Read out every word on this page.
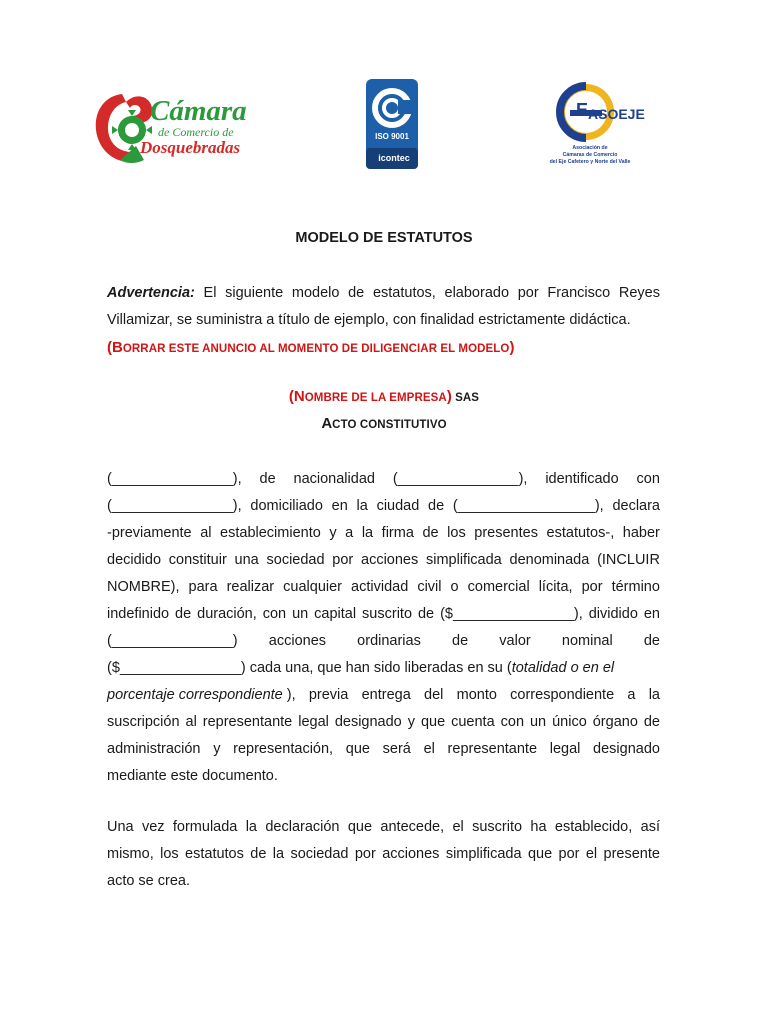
Cámara
de Comercio de
Dosquebradas
ISO 9001
icontec
E ASOEJE
Asociación de
Cámaras de Comercio
del Eje Cafetero y Norte del Valle
MODELO DE ESTATUTOS
Advertencia: El siguiente modelo de estatutos, elaborado por Francisco Reyes Villamizar, se suministra a título de ejemplo, con finalidad estrictamente didáctica.
(BORRAR ESTE ANUNCIO AL MOMENTO DE DILIGENCIAR EL MODELO)
(NOMBRE DE LA EMPRESA) SAS
ACTO CONSTITUTIVO
(_______________), de nacionalidad (_______________), identificado con
(_______________), domiciliado en la ciudad de (_________________), declara
-previamente al establecimiento y a la firma de los presentes estatutos-, haber
decidido constituir una sociedad por acciones simplificada denominada (INCLUIR
NOMBRE), para realizar cualquier actividad civil o comercial lícita, por término
indefinido de duración, con un capital suscrito de ($_______________), dividido en
(_______________) acciones ordinarias de valor nominal de
($_______________) cada una, que han sido liberadas en su (totalidad o en el
porcentaje correspondiente ), previa entrega del monto correspondiente a la
suscripción al representante legal designado y que cuenta con un único órgano de
administración y representación, que será el representante legal designado
mediante este documento.
Una vez formulada la declaración que antecede, el suscrito ha establecido, así
mismo, los estatutos de la sociedad por acciones simplificada que por el presente
acto se crea.
